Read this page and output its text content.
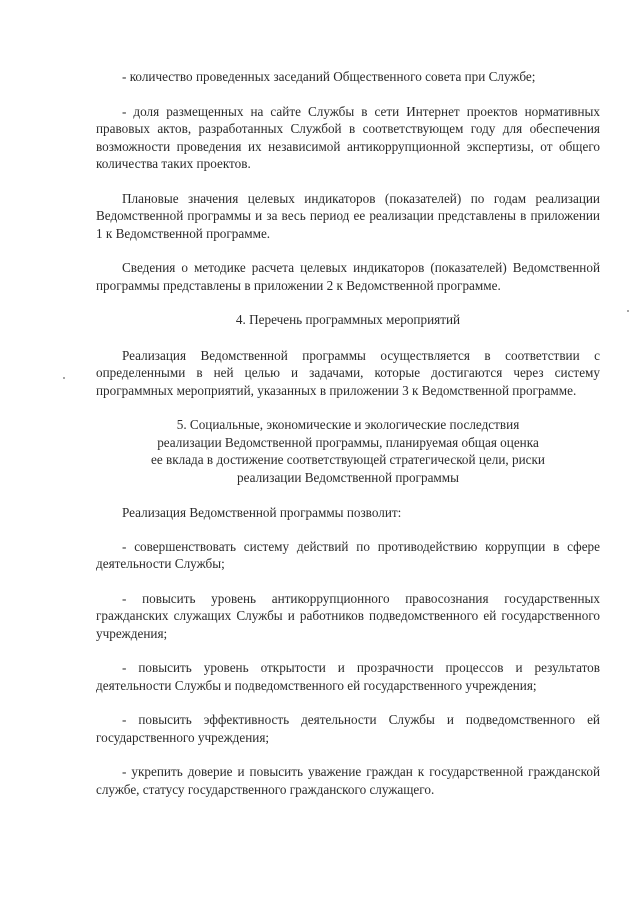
- количество проведенных заседаний Общественного совета при Службе;

- доля размещенных на сайте Службы в сети Интернет проектов нормативных правовых актов, разработанных Службой в соответствующем году для обеспечения возможности проведения их независимой антикоррупционной экспертизы, от общего количества таких проектов.

Плановые значения целевых индикаторов (показателей) по годам реализации Ведомственной программы и за весь период ее реализации представлены в приложении 1 к Ведомственной программе.

Сведения о методике расчета целевых индикаторов (показателей) Ведомственной программы представлены в приложении 2 к Ведомственной программе.

4. Перечень программных мероприятий

Реализация Ведомственной программы осуществляется в соответствии с определенными в ней целью и задачами, которые достигаются через систему программных мероприятий, указанных в приложении 3 к Ведомственной программе.

5. Социальные, экономические и экологические последствия
реализации Ведомственной программы, планируемая общая оценка
ее вклада в достижение соответствующей стратегической цели, риски
реализации Ведомственной программы

Реализация Ведомственной программы позволит:

- совершенствовать систему действий по противодействию коррупции в сфере деятельности Службы;

- повысить уровень антикоррупционного правосознания государственных гражданских служащих Службы и работников подведомственного ей государственного учреждения;

- повысить уровень открытости и прозрачности процессов и результатов деятельности Службы и подведомственного ей государственного учреждения;

- повысить эффективность деятельности Службы и подведомственного ей государственного учреждения;

- укрепить доверие и повысить уважение граждан к государственной гражданской службе, статусу государственного гражданского служащего.
